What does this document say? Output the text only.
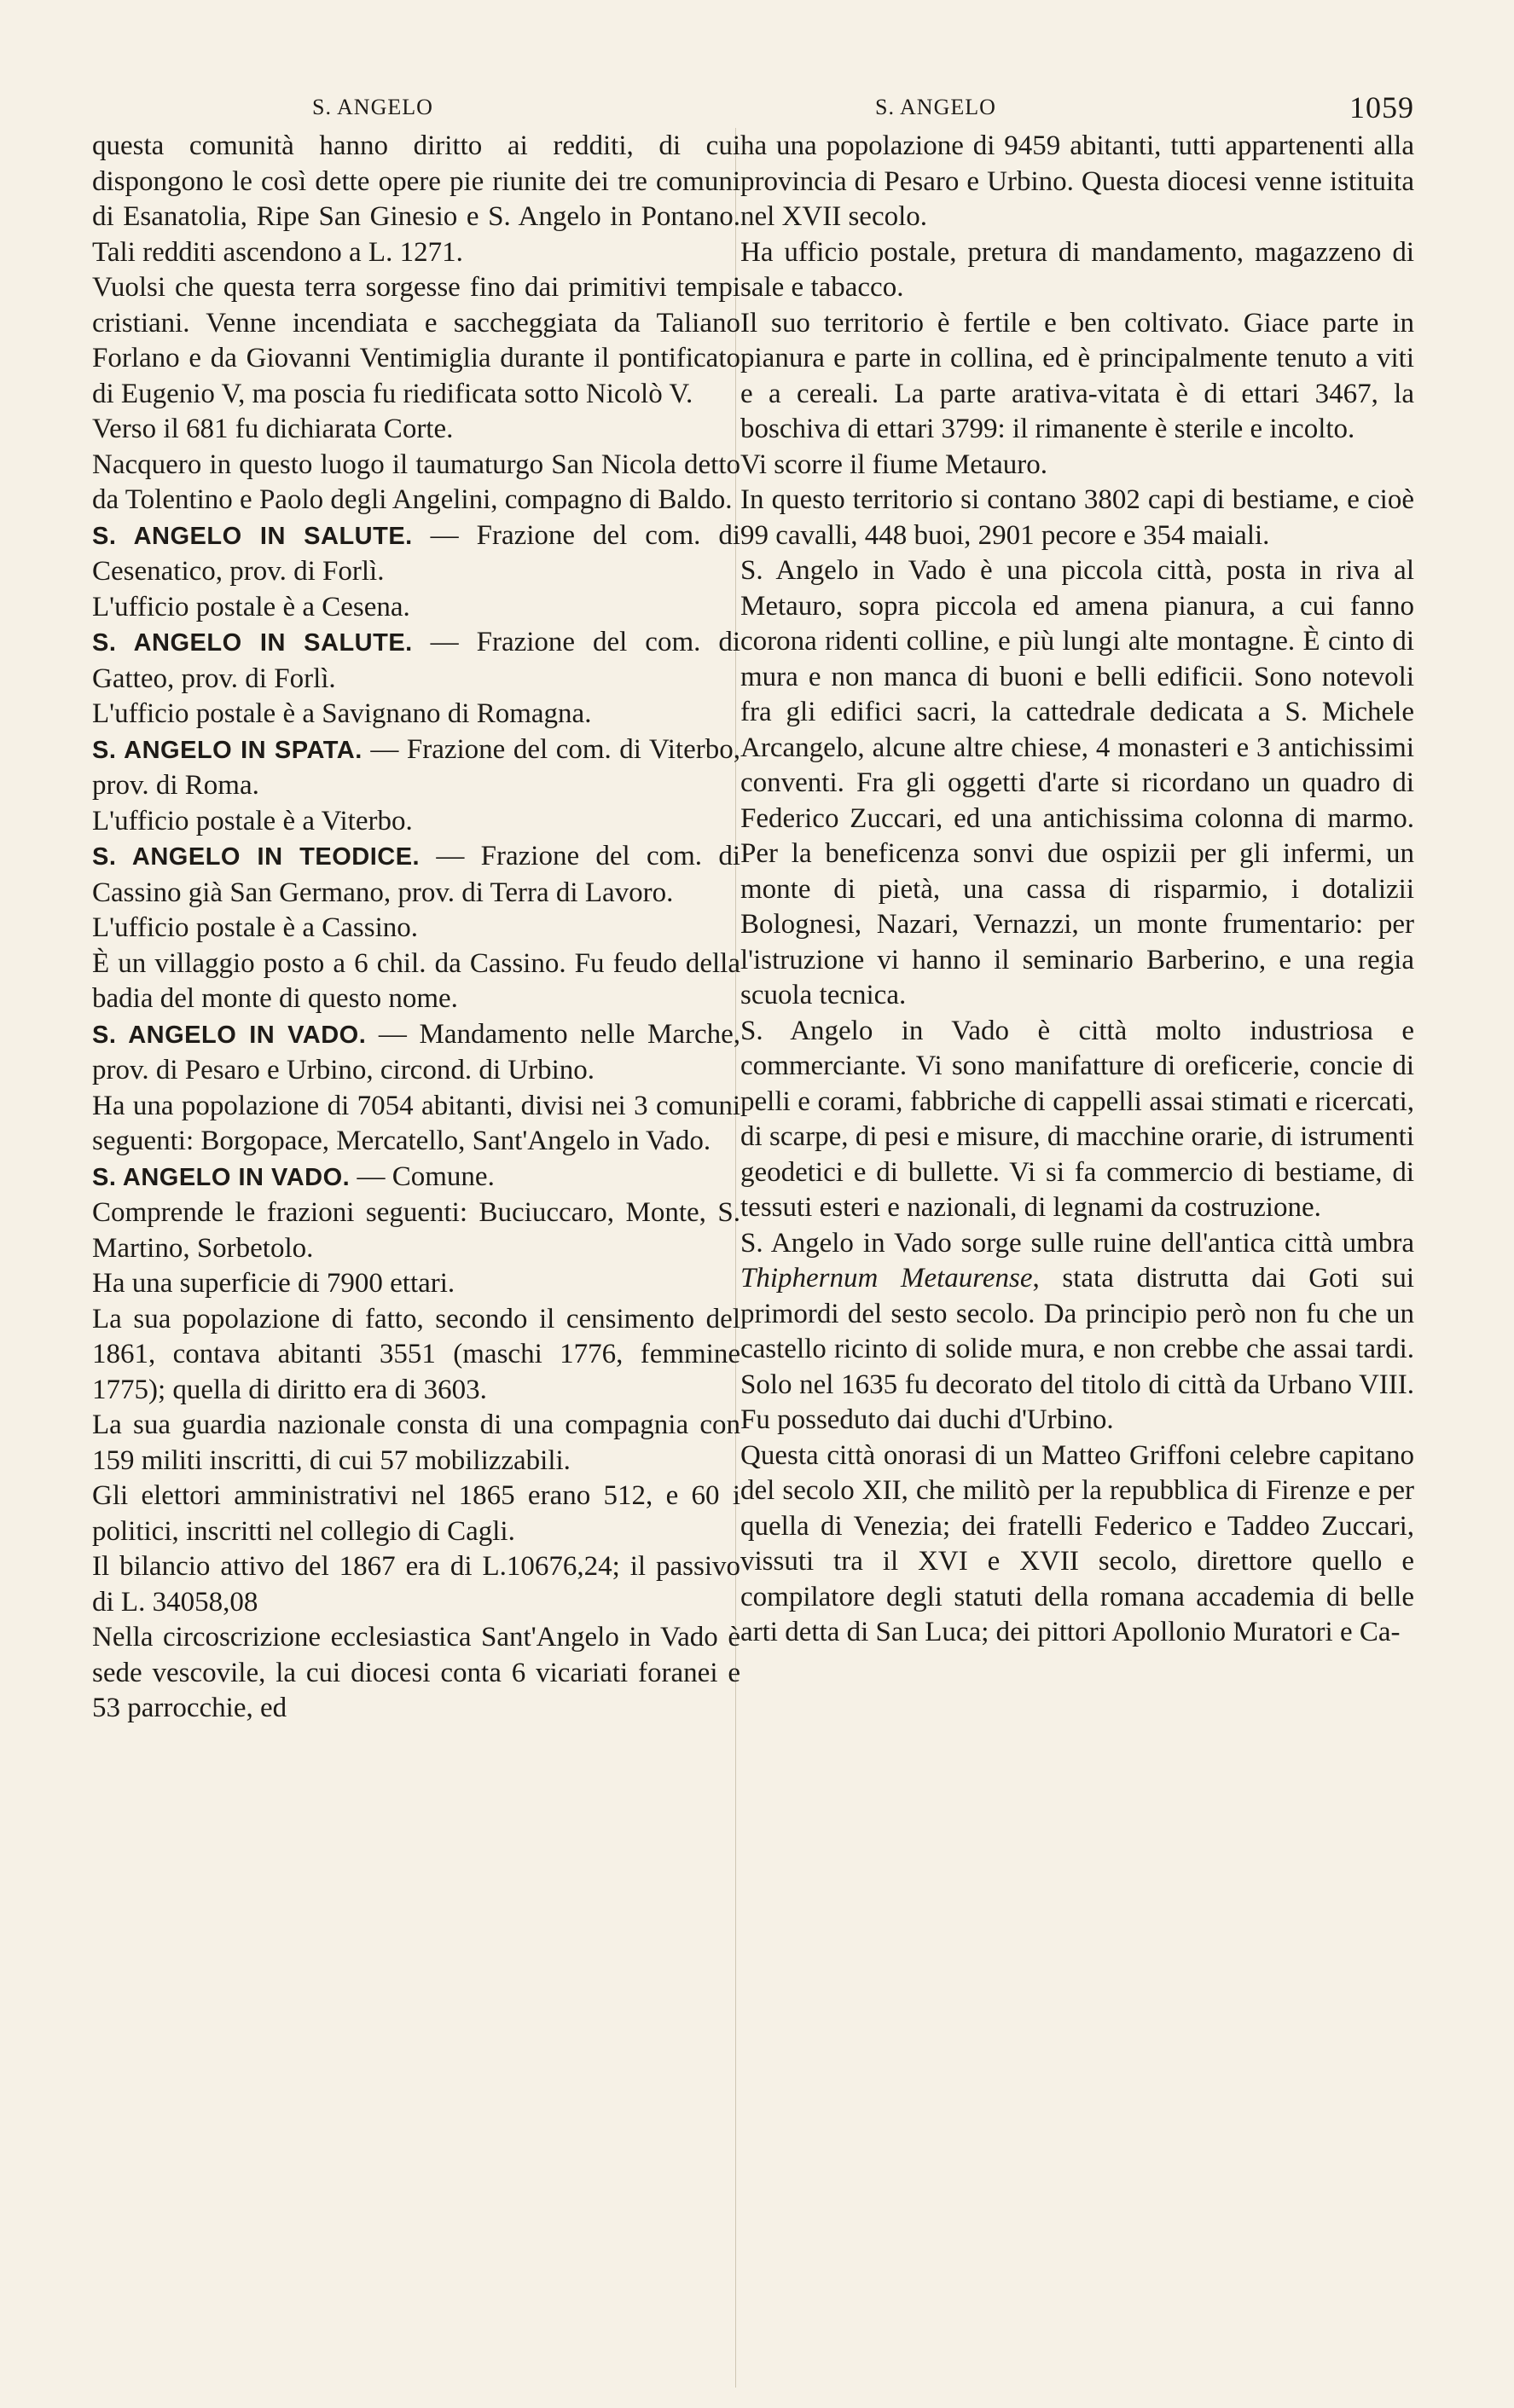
S. ANGELO

questa comunità hanno diritto ai redditi, di cui dispongono le così dette opere pie riunite dei tre comuni di Esanatolia, Ripe San Ginesio e S. Angelo in Pontano. Tali redditi ascendono a L. 1271.

Vuolsi che questa terra sorgesse fino dai primitivi tempi cristiani. Venne incendiata e saccheggiata da Taliano Forlano e da Giovanni Ventimiglia durante il pontificato di Eugenio V, ma poscia fu riedificata sotto Nicolò V.

Verso il 681 fu dichiarata Corte.

Nacquero in questo luogo il taumaturgo San Nicola detto da Tolentino e Paolo degli Angelini, compagno di Baldo.

S. ANGELO IN SALUTE. — Frazione del com. di Cesenatico, prov. di Forlì.

L'ufficio postale è a Cesena.

S. ANGELO IN SALUTE. — Frazione del com. di Gatteo, prov. di Forlì.

L'ufficio postale è a Savignano di Romagna.

S. ANGELO IN SPATA. — Frazione del com. di Viterbo, prov. di Roma.

L'ufficio postale è a Viterbo.

S. ANGELO IN TEODICE. — Frazione del com. di Cassino già San Germano, prov. di Terra di Lavoro.

L'ufficio postale è a Cassino.

È un villaggio posto a 6 chil. da Cassino. Fu feudo della badia del monte di questo nome.

S. ANGELO IN VADO. — Mandamento nelle Marche, prov. di Pesaro e Urbino, circond. di Urbino.

Ha una popolazione di 7054 abitanti, divisi nei 3 comuni seguenti: Borgopace, Mercatello, Sant'Angelo in Vado.

S. ANGELO IN VADO. — Comune.

Comprende le frazioni seguenti: Buciuccaro, Monte, S. Martino, Sorbetolo.

Ha una superficie di 7900 ettari.

La sua popolazione di fatto, secondo il censimento del 1861, contava abitanti 3551 (maschi 1776, femmine 1775); quella di diritto era di 3603.

La sua guardia nazionale consta di una compagnia con 159 militi inscritti, di cui 57 mobilizzabili.

Gli elettori amministrativi nel 1865 erano 512, e 60 i politici, inscritti nel collegio di Cagli.

Il bilancio attivo del 1867 era di L.10676,24; il passivo di L. 34058,08

Nella circoscrizione ecclesiastica Sant'Angelo in Vado è sede vescovile, la cui diocesi conta 6 vicariati foranei e 53 parrocchie, ed

S. ANGELO	1059

ha una popolazione di 9459 abitanti, tutti appartenenti alla provincia di Pesaro e Urbino. Questa diocesi venne istituita nel XVII secolo.

Ha ufficio postale, pretura di mandamento, magazzeno di sale e tabacco.

Il suo territorio è fertile e ben coltivato. Giace parte in pianura e parte in collina, ed è principalmente tenuto a viti e a cereali. La parte arativa-vitata è di ettari 3467, la boschiva di ettari 3799: il rimanente è sterile e incolto.

Vi scorre il fiume Metauro.

In questo territorio si contano 3802 capi di bestiame, e cioè 99 cavalli, 448 buoi, 2901 pecore e 354 maiali.

S. Angelo in Vado è una piccola città, posta in riva al Metauro, sopra piccola ed amena pianura, a cui fanno corona ridenti colline, e più lungi alte montagne. È cinto di mura e non manca di buoni e belli edificii. Sono notevoli fra gli edifici sacri, la cattedrale dedicata a S. Michele Arcangelo, alcune altre chiese, 4 monasteri e 3 antichissimi conventi. Fra gli oggetti d'arte si ricordano un quadro di Federico Zuccari, ed una antichissima colonna di marmo. Per la beneficenza sonvi due ospizii per gli infermi, un monte di pietà, una cassa di risparmio, i dotalizii Bolognesi, Nazari, Vernazzi, un monte frumentario: per l'istruzione vi hanno il seminario Barberino, e una regia scuola tecnica.

S. Angelo in Vado è città molto industriosa e commerciante. Vi sono manifatture di oreficerie, concie di pelli e corami, fabbriche di cappelli assai stimati e ricercati, di scarpe, di pesi e misure, di macchine orarie, di istrumenti geodetici e di bullette. Vi si fa commercio di bestiame, di tessuti esteri e nazionali, di legnami da costruzione.

S. Angelo in Vado sorge sulle ruine dell'antica città umbra Thiphernum Metaurense, stata distrutta dai Goti sui primordi del sesto secolo. Da principio però non fu che un castello ricinto di solide mura, e non crebbe che assai tardi. Solo nel 1635 fu decorato del titolo di città da Urbano VIII. Fu posseduto dai duchi d'Urbino.

Questa città onorasi di un Matteo Griffoni celebre capitano del secolo XII, che militò per la repubblica di Firenze e per quella di Venezia; dei fratelli Federico e Taddeo Zuccari, vissuti tra il XVI e XVII secolo, direttore quello e compilatore degli statuti della romana accademia di belle arti detta di San Luca; dei pittori Apollonio Muratori e Ca-
